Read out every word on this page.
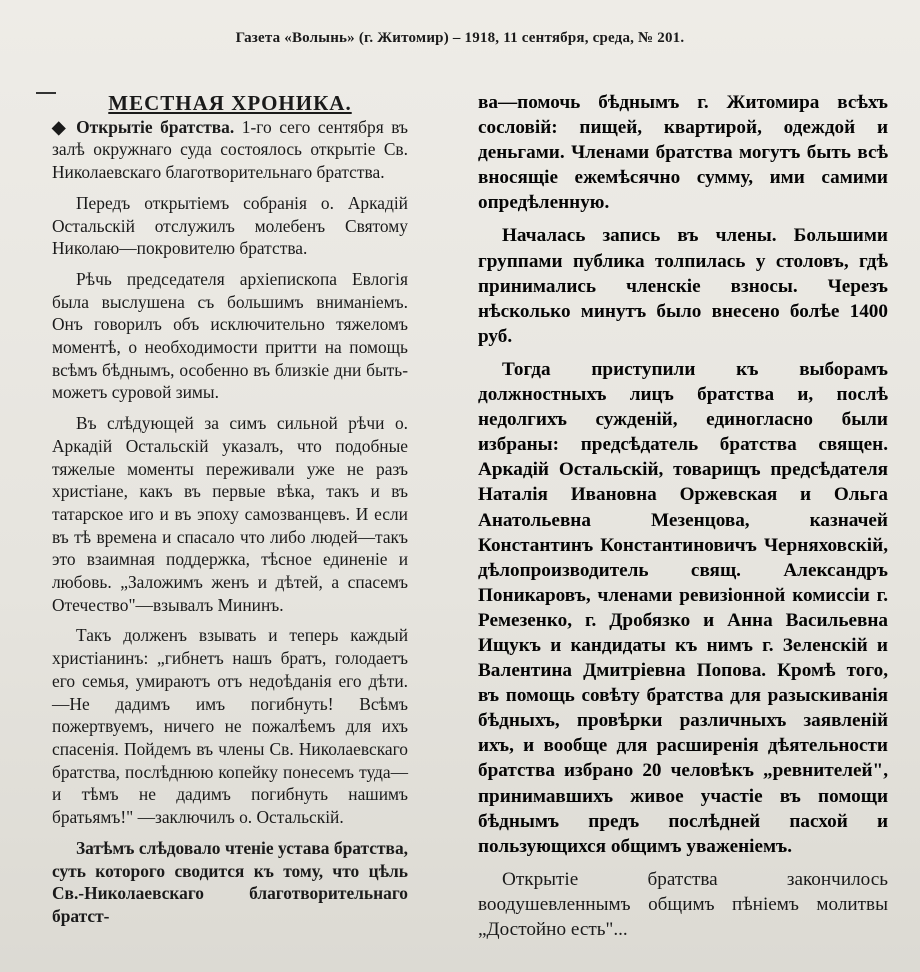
Газета «Волынь» (г. Житомир) – 1918, 11 сентября, среда, № 201.
МЕСТНАЯ ХРОНИКА.

◆ Открытіе братства. 1-го сего сентября въ залѣ окружнаго суда состоялось открытіе Св. Николаевскаго благотворительнаго братства.

Передъ открытіемъ собранія о. Аркадій Остальскій отслужилъ молебенъ Святому Николаю—покровителю братства.

Рѣчь председателя архіепископа Евлогія была выслушена съ большимъ вниманіемъ. Онъ говорилъ объ исключительно тяжеломъ моментѣ, о необходимости притти на помощь всѣмъ бѣднымъ, особенно въ близкіе дни быть-можетъ суровой зимы.

Въ слѣдующей за симъ сильной рѣчи о. Аркадій Остальскій указалъ, что подобные тяжелые моменты переживали уже не разъ христіане, какъ въ первые вѣка, такъ и въ татарское иго и въ эпоху самозванцевъ. И если въ тѣ времена и спасало что либо людей—такъ это взаимная поддержка, тѣсное единеніе и любовь. „Заложимъ женъ и дѣтей, а спасемъ Отечество"—взывалъ Мининъ.

Такъ долженъ взывать и теперь каждый христіанинъ: „гибнетъ нашъ братъ, голодаетъ его семья, умираютъ отъ недоѣданія его дѣти.—Не дадимъ имъ погибнуть! Всѣмъ пожертвуемъ, ничего не пожалѣемъ для ихъ спасенія. Пойдемъ въ члены Св. Николаевскаго братства, послѣднюю копейку понесемъ туда—и тѣмъ не дадимъ погибнуть нашимъ братьямъ!" —заключилъ о. Остальскій.

Затѣмъ слѣдовало чтеніе устава братства, суть которого сводится къ тому, что цѣль Св.-Николаевскаго благотворительнаго братст-

ва—помочь бѣднымъ г. Житомира всѣхъ сословій: пищей, квартирой, одеждой и деньгами. Членами братства могутъ быть всѣ вносящіе ежемѣсячно сумму, ими самими опредѣленную.

Началась запись въ члены. Большими группами публика толпилась у столовъ, гдѣ принимались членскіе взносы. Черезъ нѣсколько минутъ было внесено болѣе 1400 руб.

Тогда приступили къ выборамъ должностныхъ лицъ братства и, послѣ недолгихъ сужденій, единогласно были избраны: предсѣдатель братства священ. Аркадій Остальскій, товарищъ предсѣдателя Наталія Ивановна Оржевская и Ольга Анатольевна Мезенцова, казначей Константинъ Константиновичъ Черняховскій, дѣлопроизводитель свящ. Александръ Поникаровъ, членами ревизіонной комиссіи г. Ремезенко, г. Дробязко и Анна Васильевна Ищукъ и кандидаты къ нимъ г. Зеленскій и Валентина Дмитріевна Попова. Кромѣ того, въ помощь совѣту братства для разыскиванія бѣдныхъ, провѣрки различныхъ заявленій ихъ, и вообще для расширенія дѣятельности братства избрано 20 человѣкъ „ревнителей", принимавшихъ живое участіе въ помощи бѣднымъ предъ послѣдней пасхой и пользующихся общимъ уваженіемъ.

Открытіе братства закончилось воодушевленнымъ общимъ пѣніемъ молитвы „Достойно есть"...
